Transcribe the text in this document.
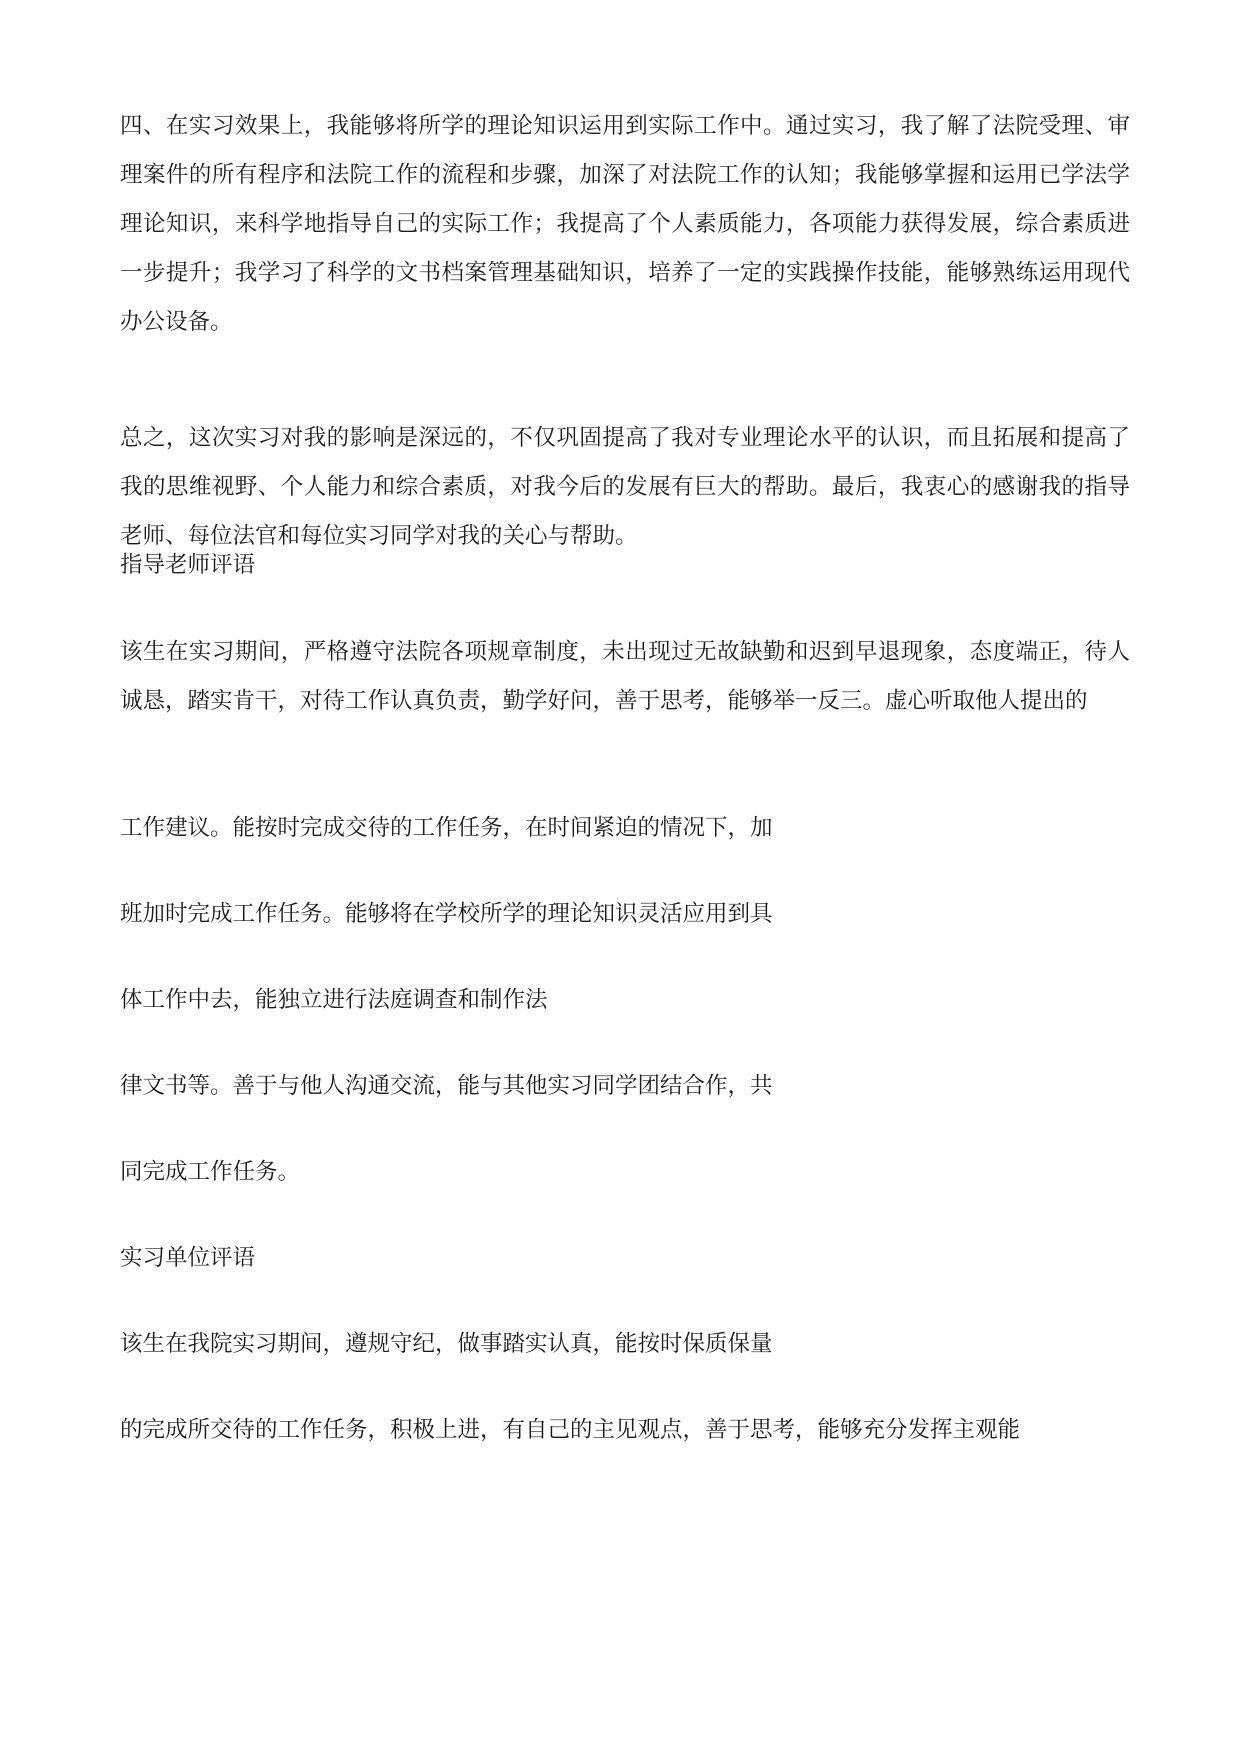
四、在实习效果上，我能够将所学的理论知识运用到实际工作中。通过实习，我了解了法院受理、审理案件的所有程序和法院工作的流程和步骤，加深了对法院工作的认知；我能够掌握和运用已学法学理论知识，来科学地指导自己的实际工作；我提高了个人素质能力，各项能力获得发展，综合素质进一步提升；我学习了科学的文书档案管理基础知识，培养了一定的实践操作技能，能够熟练运用现代办公设备。

总之，这次实习对我的影响是深远的，不仅巩固提高了我对专业理论水平的认识，而且拓展和提高了我的思维视野、个人能力和综合素质，对我今后的发展有巨大的帮助。最后，我衷心的感谢我的指导老师、每位法官和每位实习同学对我的关心与帮助。

指导老师评语

该生在实习期间，严格遵守法院各项规章制度，未出现过无故缺勤和迟到早退现象，态度端正，待人诚恳，踏实肯干，对待工作认真负责，勤学好问，善于思考，能够举一反三。虚心听取他人提出的

工作建议。能按时完成交待的工作任务，在时间紧迫的情况下，加

班加时完成工作任务。能够将在学校所学的理论知识灵活应用到具

体工作中去，能独立进行法庭调查和制作法

律文书等。善于与他人沟通交流，能与其他实习同学团结合作，共

同完成工作任务。

实习单位评语

该生在我院实习期间，遵规守纪，做事踏实认真，能按时保质保量

的完成所交待的工作任务，积极上进，有自己的主见观点，善于思考，能够充分发挥主观能
